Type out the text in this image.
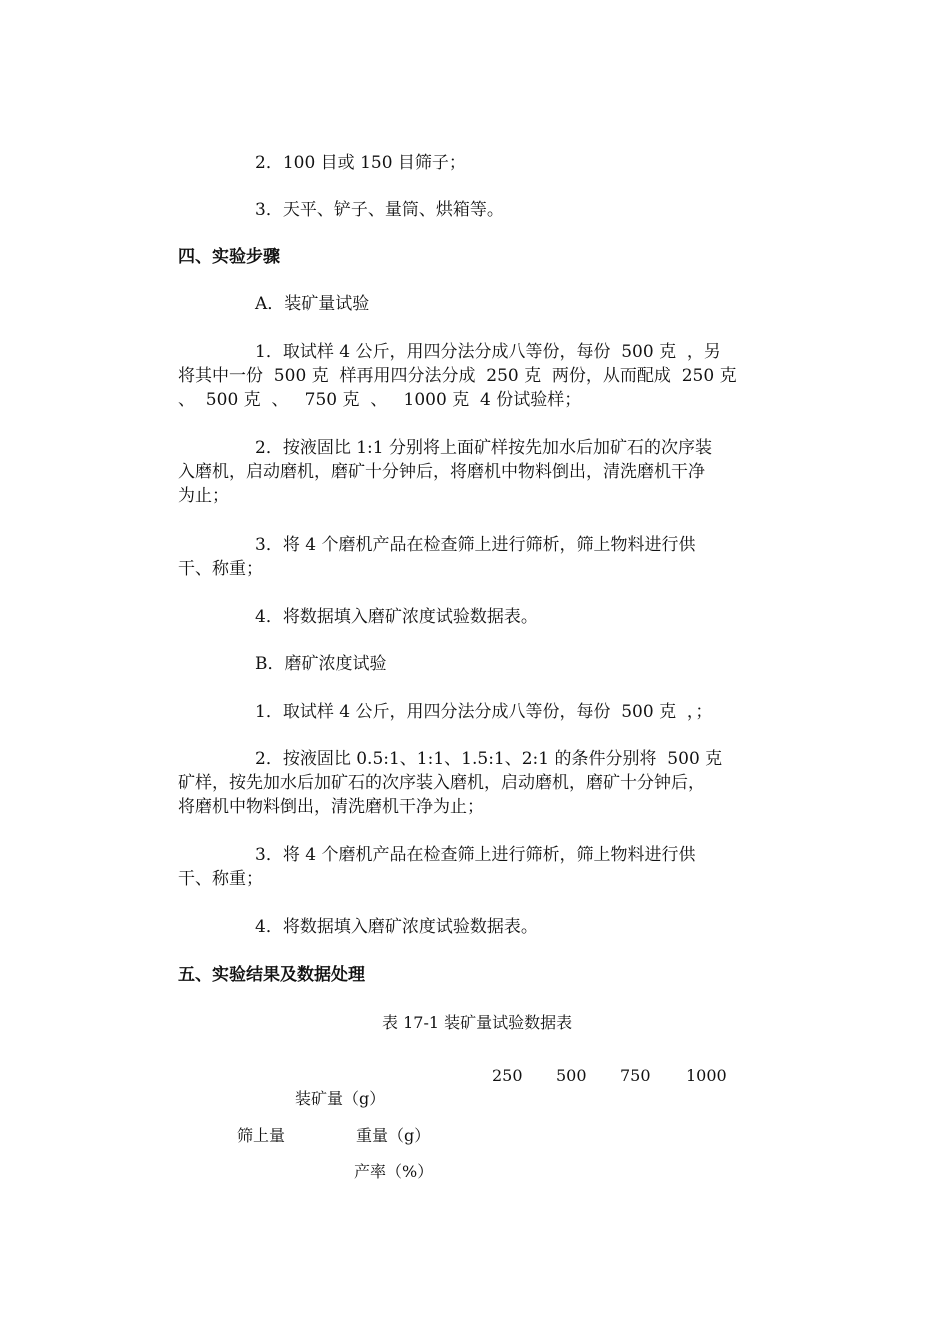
2．100 目或 150 目筛子；
3．天平、铲子、量筒、烘箱等。
四、实验步骤
A．装矿量试验
1．取试样 4 公斤，用四分法分成八等份，每份  500 克  ，另
将其中一份  500 克  样再用四分法分成  250 克  两份，从而配成  250 克
、  500 克  、   750 克  、   1000 克  4 份试验样；
2．按液固比 1:1 分别将上面矿样按先加水后加矿石的次序装
入磨机，启动磨机，磨矿十分钟后，将磨机中物料倒出，清洗磨机干净
为止；
3．将 4 个磨机产品在检查筛上进行筛析，筛上物料进行供
干、称重；
4．将数据填入磨矿浓度试验数据表。
B．磨矿浓度试验
1．取试样 4 公斤，用四分法分成八等份，每份  500 克  ，；
2．按液固比 0.5:1、1:1、1.5:1、2:1 的条件分别将  500 克
矿样，按先加水后加矿石的次序装入磨机，启动磨机，磨矿十分钟后，
将磨机中物料倒出，清洗磨机干净为止；
3．将 4 个磨机产品在检查筛上进行筛析，筛上物料进行供
干、称重；
4．将数据填入磨矿浓度试验数据表。
五、实验结果及数据处理
表 17-1 装矿量试验数据表
250 500 750 1000
装矿量（g）
筛上量	重量（g）
产率（%）
